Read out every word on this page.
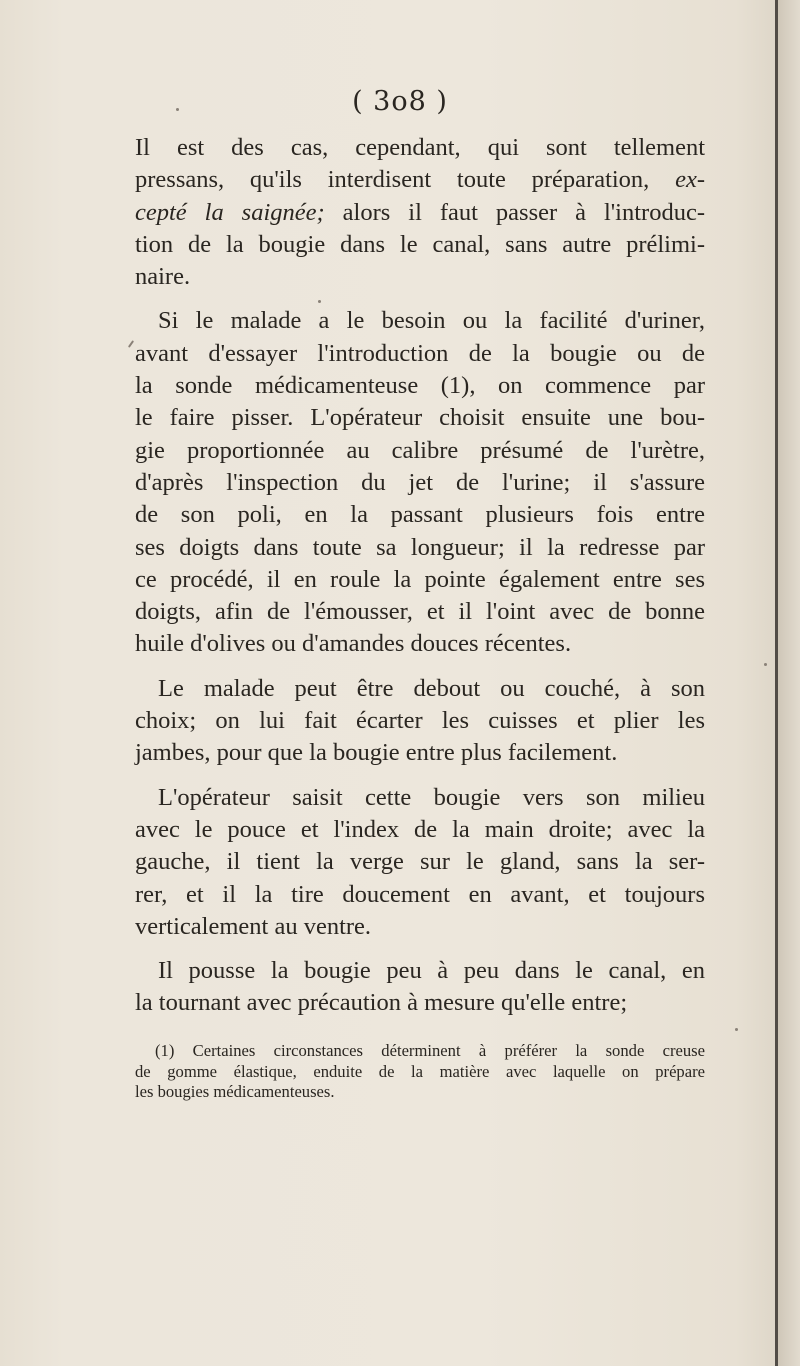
( 3o8 )

Il est des cas, cependant, qui sont tellement
pressans, qu'ils interdisent toute préparation, ex-
cepté la saignée; alors il faut passer à l'introduc-
tion de la bougie dans le canal, sans autre prélimi-
naire.

Si le malade a le besoin ou la facilité d'uriner,
avant d'essayer l'introduction de la bougie ou de
la sonde médicamenteuse (1), on commence par
le faire pisser. L'opérateur choisit ensuite une bou-
gie proportionnée au calibre présumé de l'urètre,
d'après l'inspection du jet de l'urine; il s'assure
de son poli, en la passant plusieurs fois entre
ses doigts dans toute sa longueur; il la redresse par
ce procédé, il en roule la pointe également entre ses
doigts, afin de l'émousser, et il l'oint avec de bonne
huile d'olives ou d'amandes douces récentes.

Le malade peut être debout ou couché, à son
choix; on lui fait écarter les cuisses et plier les
jambes, pour que la bougie entre plus facilement.

L'opérateur saisit cette bougie vers son milieu
avec le pouce et l'index de la main droite; avec la
gauche, il tient la verge sur le gland, sans la ser-
rer, et il la tire doucement en avant, et toujours
verticalement au ventre.

Il pousse la bougie peu à peu dans le canal, en
la tournant avec précaution à mesure qu'elle entre;

(1) Certaines circonstances déterminent à préférer la sonde creuse
de gomme élastique, enduite de la matière avec laquelle on prépare
les bougies médicamenteuses.
